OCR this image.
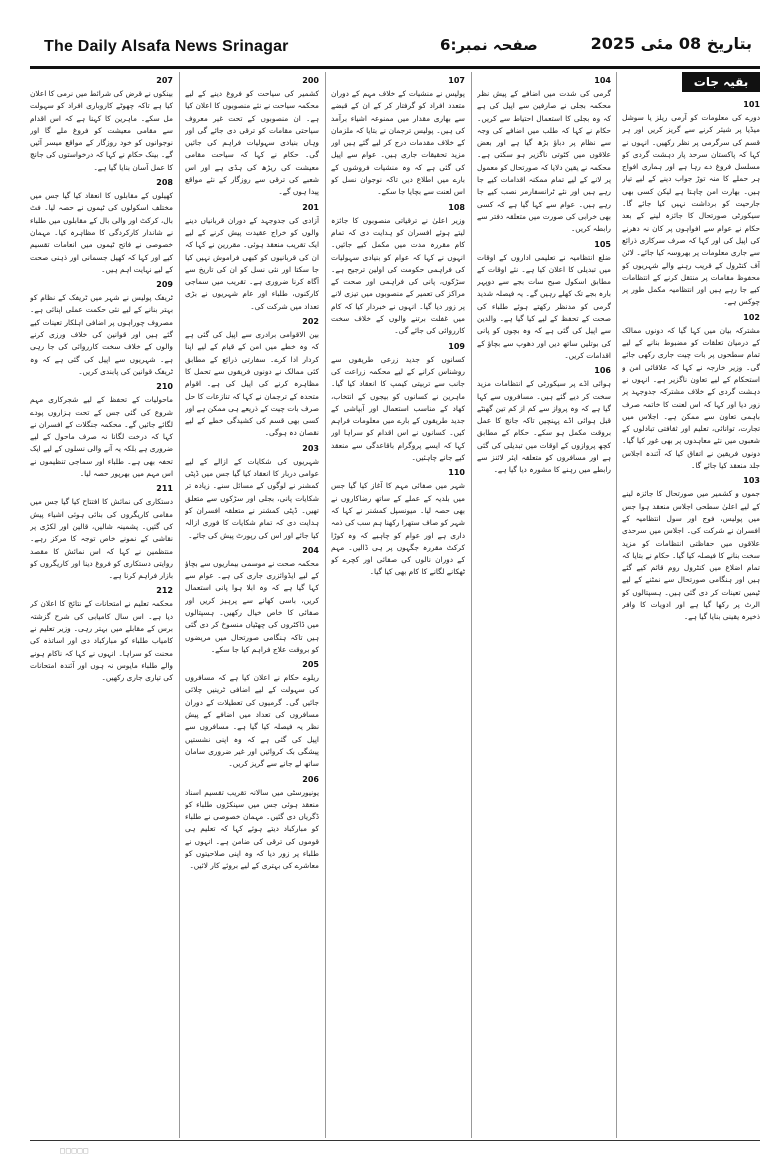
The Daily Alsafa News Srinagar	صفحہ نمبر:6	بتاریخ 08 مئی 2025
بقیہ جات
101

دورے کی معلومات کو آرمی ریلز یا سوشل میڈیا پر شیئر کرنے سے گریز کریں اور ہر قسم کی سرگرمی پر نظر رکھیں۔ انہوں نے کہا کہ پاکستان سرحد پار دہشت گردی کو مسلسل فروغ دے رہا ہے اور ہماری افواج ہر حملے کا منہ توڑ جواب دینے کے لیے تیار ہیں۔ بھارت امن چاہتا ہے لیکن کسی بھی جارحیت کو برداشت نہیں کیا جائے گا۔ سیکورٹی صورتحال کا جائزہ لینے کے بعد حکام نے عوام سے افواہوں پر کان نہ دھرنے کی اپیل کی اور کہا کہ صرف سرکاری ذرائع سے جاری معلومات پر بھروسہ کیا جائے۔ لائن آف کنٹرول کے قریب رہنے والے شہریوں کو محفوظ مقامات پر منتقل کرنے کے انتظامات کیے جا رہے ہیں اور انتظامیہ مکمل طور پر چوکس ہے۔

102

مشترکہ بیان میں کہا گیا کہ دونوں ممالک کے درمیان تعلقات کو مضبوط بنانے کے لیے تمام سطحوں پر بات چیت جاری رکھی جائے گی۔ وزیر خارجہ نے کہا کہ علاقائی امن و استحکام کے لیے تعاون ناگزیر ہے۔ انہوں نے دہشت گردی کے خلاف مشترکہ جدوجہد پر زور دیا اور کہا کہ اس لعنت کا خاتمہ صرف باہمی تعاون سے ممکن ہے۔ اجلاس میں تجارت، توانائی، تعلیم اور ثقافتی تبادلوں کے شعبوں میں نئے معاہدوں پر بھی غور کیا گیا۔ دونوں فریقین نے اتفاق کیا کہ آئندہ اجلاس جلد منعقد کیا جائے گا۔

103

جموں و کشمیر میں صورتحال کا جائزہ لینے کے لیے اعلیٰ سطحی اجلاس منعقد ہوا جس میں پولیس، فوج اور سول انتظامیہ کے افسران نے شرکت کی۔ اجلاس میں سرحدی علاقوں میں حفاظتی انتظامات کو مزید سخت بنانے کا فیصلہ کیا گیا۔ حکام نے بتایا کہ تمام اضلاع میں کنٹرول روم قائم کیے گئے ہیں اور ہنگامی صورتحال سے نمٹنے کے لیے ٹیمیں تعینات کر دی گئی ہیں۔ ہسپتالوں کو الرٹ پر رکھا گیا ہے اور ادویات کا وافر ذخیرہ یقینی بنایا گیا ہے۔

104

گرمی کی شدت میں اضافے کے پیش نظر محکمہ بجلی نے صارفین سے اپیل کی ہے کہ وہ بجلی کا استعمال احتیاط سے کریں۔ حکام نے کہا کہ طلب میں اضافے کی وجہ سے نظام پر دباؤ بڑھ گیا ہے اور بعض علاقوں میں کٹوتی ناگزیر ہو سکتی ہے۔ محکمہ نے یقین دلایا کہ صورتحال کو معمول پر لانے کے لیے تمام ممکنہ اقدامات کیے جا رہے ہیں اور نئے ٹرانسفارمر نصب کیے جا رہے ہیں۔ عوام سے کہا گیا ہے کہ کسی بھی خرابی کی صورت میں متعلقہ دفتر سے رابطہ کریں۔

105

ضلع انتظامیہ نے تعلیمی اداروں کے اوقات میں تبدیلی کا اعلان کیا ہے۔ نئے اوقات کے مطابق اسکول صبح سات بجے سے دوپہر بارہ بجے تک کھلے رہیں گے۔ یہ فیصلہ شدید گرمی کو مدنظر رکھتے ہوئے طلباء کی صحت کے تحفظ کے لیے کیا گیا ہے۔ والدین سے اپیل کی گئی ہے کہ وہ بچوں کو پانی کی بوتلیں ساتھ دیں اور دھوپ سے بچاؤ کے اقدامات کریں۔

106

ہوائی اڈے پر سیکورٹی کے انتظامات مزید سخت کر دیے گئے ہیں۔ مسافروں سے کہا گیا ہے کہ وہ پرواز سے کم از کم تین گھنٹے قبل ہوائی اڈے پہنچیں تاکہ جانچ کا عمل بروقت مکمل ہو سکے۔ حکام کے مطابق کچھ پروازوں کے اوقات میں تبدیلی کی گئی ہے اور مسافروں کو متعلقہ ایئر لائنز سے رابطے میں رہنے کا مشورہ دیا گیا ہے۔

107

پولیس نے منشیات کے خلاف مہم کے دوران متعدد افراد کو گرفتار کر کے ان کے قبضے سے بھاری مقدار میں ممنوعہ اشیاء برآمد کی ہیں۔ پولیس ترجمان نے بتایا کہ ملزمان کے خلاف مقدمات درج کر لیے گئے ہیں اور مزید تحقیقات جاری ہیں۔ عوام سے اپیل کی گئی ہے کہ وہ منشیات فروشوں کے بارے میں اطلاع دیں تاکہ نوجوان نسل کو اس لعنت سے بچایا جا سکے۔

108

وزیر اعلیٰ نے ترقیاتی منصوبوں کا جائزہ لیتے ہوئے افسران کو ہدایت دی کہ تمام کام مقررہ مدت میں مکمل کیے جائیں۔ انہوں نے کہا کہ عوام کو بنیادی سہولیات کی فراہمی حکومت کی اولین ترجیح ہے۔ سڑکوں، پانی کی فراہمی اور صحت کے مراکز کی تعمیر کے منصوبوں میں تیزی لانے پر زور دیا گیا۔ انہوں نے خبردار کیا کہ کام میں غفلت برتنے والوں کے خلاف سخت کارروائی کی جائے گی۔

109

کسانوں کو جدید زرعی طریقوں سے روشناس کرانے کے لیے محکمہ زراعت کی جانب سے تربیتی کیمپ کا انعقاد کیا گیا۔ ماہرین نے کسانوں کو بیجوں کے انتخاب، کھاد کے مناسب استعمال اور آبپاشی کے جدید طریقوں کے بارے میں معلومات فراہم کیں۔ کسانوں نے اس اقدام کو سراہا اور کہا کہ ایسے پروگرام باقاعدگی سے منعقد کیے جانے چاہئیں۔

110

شہر میں صفائی مہم کا آغاز کیا گیا جس میں بلدیہ کے عملے کے ساتھ رضاکاروں نے بھی حصہ لیا۔ میونسپل کمشنر نے کہا کہ شہر کو صاف ستھرا رکھنا ہم سب کی ذمہ داری ہے اور عوام کو چاہیے کہ وہ کوڑا کرکٹ مقررہ جگہوں پر ہی ڈالیں۔ مہم کے دوران نالوں کی صفائی اور کچرے کو ٹھکانے لگانے کا کام بھی کیا گیا۔

200

کشمیر کی سیاحت کو فروغ دینے کے لیے محکمہ سیاحت نے نئے منصوبوں کا اعلان کیا ہے۔ ان منصوبوں کے تحت غیر معروف سیاحتی مقامات کو ترقی دی جائے گی اور وہاں بنیادی سہولیات فراہم کی جائیں گی۔ حکام نے کہا کہ سیاحت مقامی معیشت کی ریڑھ کی ہڈی ہے اور اس شعبے کی ترقی سے روزگار کے نئے مواقع پیدا ہوں گے۔

201

آزادی کی جدوجہد کے دوران قربانیاں دینے والوں کو خراج عقیدت پیش کرنے کے لیے ایک تقریب منعقد ہوئی۔ مقررین نے کہا کہ ان کی قربانیوں کو کبھی فراموش نہیں کیا جا سکتا اور نئی نسل کو ان کی تاریخ سے آگاہ کرنا ضروری ہے۔ تقریب میں سماجی کارکنوں، طلباء اور عام شہریوں نے بڑی تعداد میں شرکت کی۔

202

بین الاقوامی برادری سے اپیل کی گئی ہے کہ وہ خطے میں امن کے قیام کے لیے اپنا کردار ادا کرے۔ سفارتی ذرائع کے مطابق کئی ممالک نے دونوں فریقوں سے تحمل کا مظاہرہ کرنے کی اپیل کی ہے۔ اقوام متحدہ کے ترجمان نے کہا کہ تنازعات کا حل صرف بات چیت کے ذریعے ہی ممکن ہے اور کسی بھی قسم کی کشیدگی خطے کے لیے نقصان دہ ہوگی۔

203

شہریوں کی شکایات کے ازالے کے لیے عوامی دربار کا انعقاد کیا گیا جس میں ڈپٹی کمشنر نے لوگوں کے مسائل سنے۔ زیادہ تر شکایات پانی، بجلی اور سڑکوں سے متعلق تھیں۔ ڈپٹی کمشنر نے متعلقہ افسران کو ہدایت دی کہ تمام شکایات کا فوری ازالہ کیا جائے اور اس کی رپورٹ پیش کی جائے۔

204

محکمہ صحت نے موسمی بیماریوں سے بچاؤ کے لیے ایڈوائزری جاری کی ہے۔ عوام سے کہا گیا ہے کہ وہ ابلا ہوا پانی استعمال کریں، باسی کھانے سے پرہیز کریں اور صفائی کا خاص خیال رکھیں۔ ہسپتالوں میں ڈاکٹروں کی چھٹیاں منسوخ کر دی گئی ہیں تاکہ ہنگامی صورتحال میں مریضوں کو بروقت علاج فراہم کیا جا سکے۔

205

ریلوے حکام نے اعلان کیا ہے کہ مسافروں کی سہولت کے لیے اضافی ٹرینیں چلائی جائیں گی۔ گرمیوں کی تعطیلات کے دوران مسافروں کی تعداد میں اضافے کے پیش نظر یہ فیصلہ کیا گیا ہے۔ مسافروں سے اپیل کی گئی ہے کہ وہ اپنی نشستیں پیشگی بک کروائیں اور غیر ضروری سامان ساتھ لے جانے سے گریز کریں۔

206

یونیورسٹی میں سالانہ تقریب تقسیم اسناد منعقد ہوئی جس میں سینکڑوں طلباء کو ڈگریاں دی گئیں۔ مہمان خصوصی نے طلباء کو مبارکباد دیتے ہوئے کہا کہ تعلیم ہی قوموں کی ترقی کی ضامن ہے۔ انہوں نے طلباء پر زور دیا کہ وہ اپنی صلاحیتوں کو معاشرے کی بہتری کے لیے بروئے کار لائیں۔

207

بینکوں نے قرض کی شرائط میں نرمی کا اعلان کیا ہے تاکہ چھوٹے کاروباری افراد کو سہولت مل سکے۔ ماہرین کا کہنا ہے کہ اس اقدام سے مقامی معیشت کو فروغ ملے گا اور نوجوانوں کو خود روزگار کے مواقع میسر آئیں گے۔ بینک حکام نے کہا کہ درخواستوں کی جانچ کا عمل آسان بنایا گیا ہے۔

208

کھیلوں کے مقابلوں کا انعقاد کیا گیا جس میں مختلف اسکولوں کی ٹیموں نے حصہ لیا۔ فٹ بال، کرکٹ اور والی بال کے مقابلوں میں طلباء نے شاندار کارکردگی کا مظاہرہ کیا۔ مہمان خصوصی نے فاتح ٹیموں میں انعامات تقسیم کیے اور کہا کہ کھیل جسمانی اور ذہنی صحت کے لیے نہایت اہم ہیں۔

209

ٹریفک پولیس نے شہر میں ٹریفک کے نظام کو بہتر بنانے کے لیے نئی حکمت عملی اپنائی ہے۔ مصروف چوراہوں پر اضافی اہلکار تعینات کیے گئے ہیں اور قوانین کی خلاف ورزی کرنے والوں کے خلاف سخت کارروائی کی جا رہی ہے۔ شہریوں سے اپیل کی گئی ہے کہ وہ ٹریفک قوانین کی پابندی کریں۔

210

ماحولیات کے تحفظ کے لیے شجرکاری مہم شروع کی گئی جس کے تحت ہزاروں پودے لگائے جائیں گے۔ محکمہ جنگلات کے افسران نے کہا کہ درخت لگانا نہ صرف ماحول کے لیے ضروری ہے بلکہ یہ آنے والی نسلوں کے لیے ایک تحفہ بھی ہے۔ طلباء اور سماجی تنظیموں نے اس مہم میں بھرپور حصہ لیا۔

211

دستکاری کی نمائش کا افتتاح کیا گیا جس میں مقامی کاریگروں کی بنائی ہوئی اشیاء پیش کی گئیں۔ پشمینہ شالیں، قالین اور لکڑی پر نقاشی کے نمونے خاص توجہ کا مرکز رہے۔ منتظمین نے کہا کہ اس نمائش کا مقصد روایتی دستکاری کو فروغ دینا اور کاریگروں کو بازار فراہم کرنا ہے۔

212

محکمہ تعلیم نے امتحانات کے نتائج کا اعلان کر دیا ہے۔ اس سال کامیابی کی شرح گزشتہ برس کے مقابلے میں بہتر رہی۔ وزیر تعلیم نے کامیاب طلباء کو مبارکباد دی اور اساتذہ کی محنت کو سراہا۔ انہوں نے کہا کہ ناکام ہونے والے طلباء مایوس نہ ہوں اور آئندہ امتحانات کی تیاری جاری رکھیں۔

□□□□□
